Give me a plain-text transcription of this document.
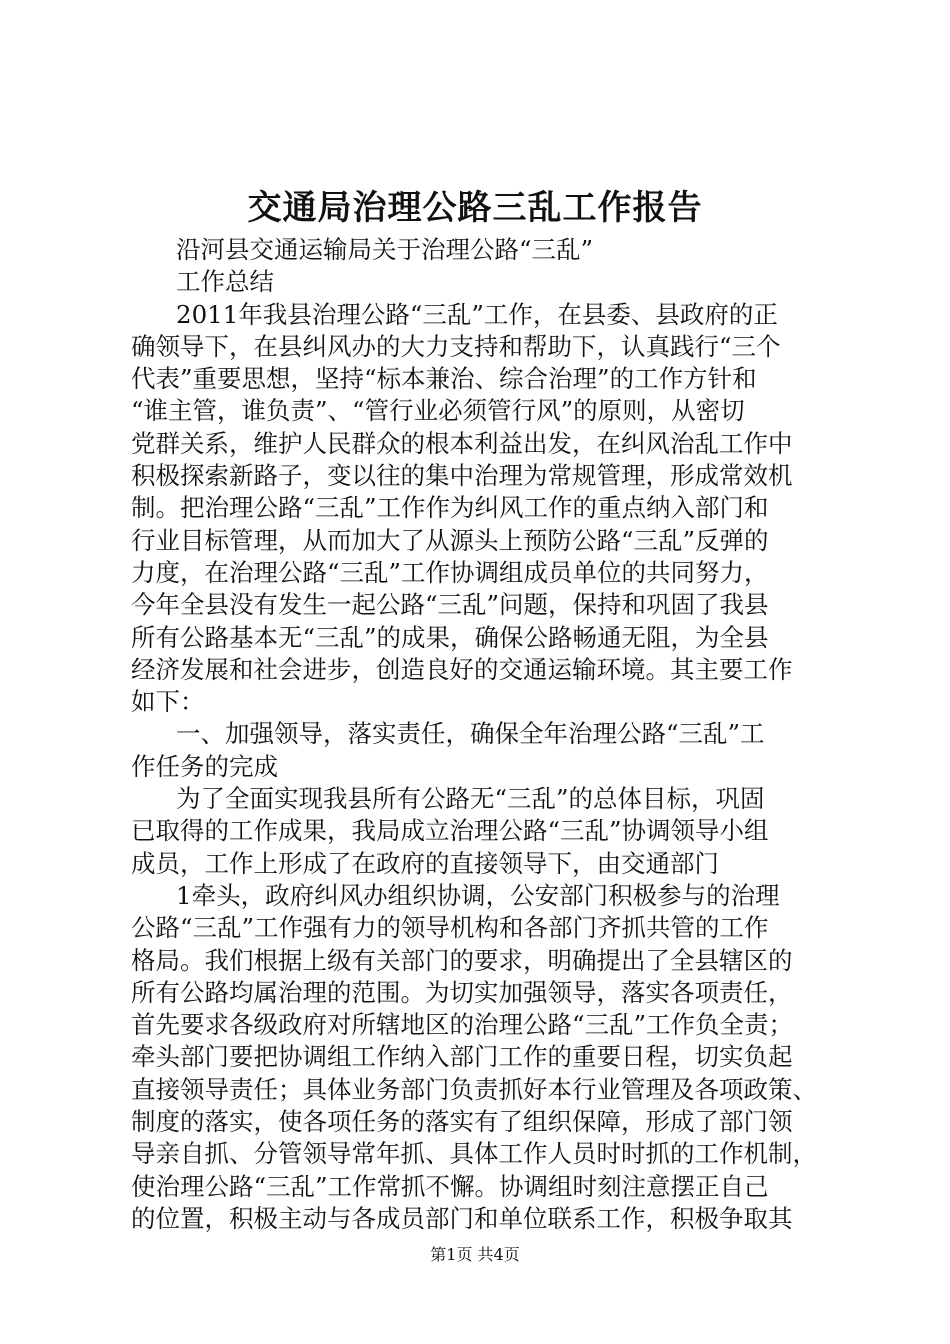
交通局治理公路三乱工作报告
沿河县交通运输局关于治理公路“三乱”
工作总结
2011年我县治理公路“三乱”工作，在县委、县政府的正
确领导下，在县纠风办的大力支持和帮助下，认真践行“三个
代表”重要思想，坚持“标本兼治、综合治理”的工作方针和
“谁主管，谁负责”、“管行业必须管行风”的原则，从密切
党群关系，维护人民群众的根本利益出发，在纠风治乱工作中
积极探索新路子，变以往的集中治理为常规管理，形成常效机
制。把治理公路“三乱”工作作为纠风工作的重点纳入部门和
行业目标管理，从而加大了从源头上预防公路“三乱”反弹的
力度，在治理公路“三乱”工作协调组成员单位的共同努力，
今年全县没有发生一起公路“三乱”问题，保持和巩固了我县
所有公路基本无“三乱”的成果，确保公路畅通无阻，为全县
经济发展和社会进步，创造良好的交通运输环境。其主要工作
如下：
一、加强领导，落实责任，确保全年治理公路“三乱”工
作任务的完成
为了全面实现我县所有公路无“三乱”的总体目标，巩固
已取得的工作成果，我局成立治理公路“三乱”协调领导小组
成员，工作上形成了在政府的直接领导下，由交通部门
1牵头，政府纠风办组织协调，公安部门积极参与的治理
公路“三乱”工作强有力的领导机构和各部门齐抓共管的工作
格局。我们根据上级有关部门的要求，明确提出了全县辖区的
所有公路均属治理的范围。为切实加强领导，落实各项责任，
首先要求各级政府对所辖地区的治理公路“三乱”工作负全责；
牵头部门要把协调组工作纳入部门工作的重要日程，切实负起
直接领导责任；具体业务部门负责抓好本行业管理及各项政策、
制度的落实，使各项任务的落实有了组织保障，形成了部门领
导亲自抓、分管领导常年抓、具体工作人员时时抓的工作机制，
使治理公路“三乱”工作常抓不懈。协调组时刻注意摆正自己
的位置，积极主动与各成员部门和单位联系工作，积极争取其
第1页 共4页
